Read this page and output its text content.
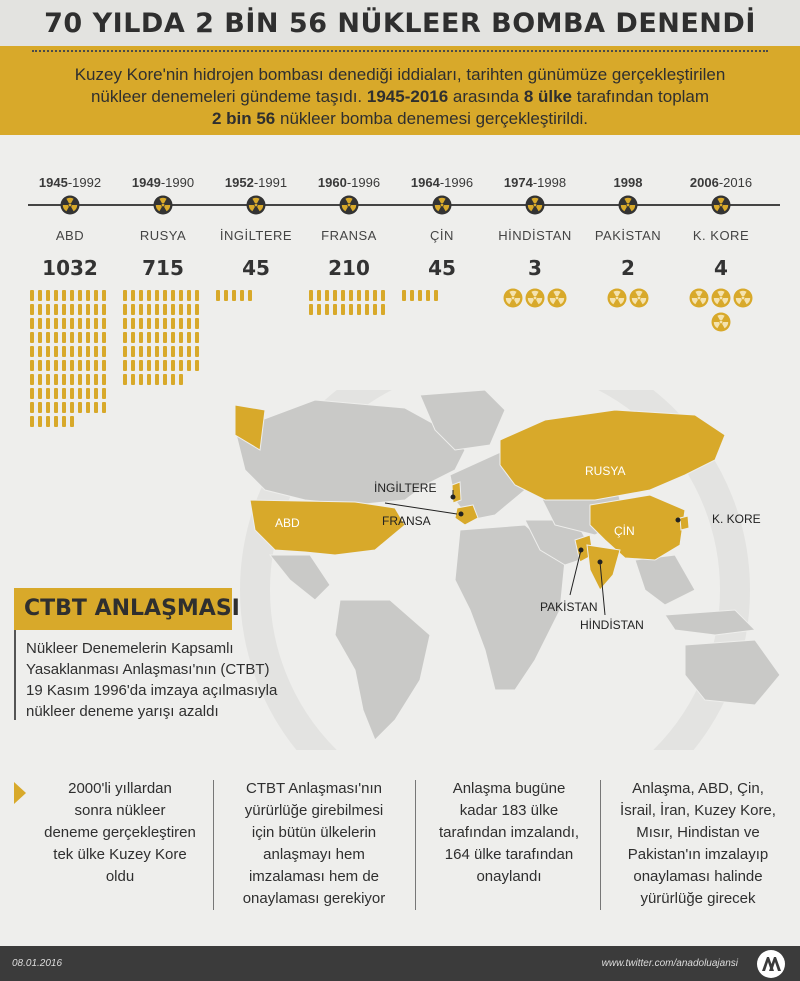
70 YILDA 2 BİN 56 NÜKLEER BOMBA DENENDİ
Kuzey Kore'nin hidrojen bombası denediği iddiaları, tarihten günümüze gerçekleştirilen
nükleer denemeleri gündeme taşıdı. 1945-2016 arasında 8 ülke tarafından toplam
2 bin 56 nükleer bomba denemesi gerçekleştirildi.
1945-1992
ABD
1032
1949-1990
RUSYA
715
1952-1991
İNGİLTERE
45
1960-1996
FRANSA
210
1964-1996
ÇİN
45
1974-1998
HİNDİSTAN
3
1998
PAKİSTAN
2
2006-2016
K. KORE
4
İNGİLTERE
FRANSA
ABD
RUSYA
ÇİN
K. KORE
PAKİSTAN
HİNDİSTAN
CTBT ANLAŞMASI
Nükleer Denemelerin Kapsamlı
Yasaklanması Anlaşması'nın (CTBT)
19 Kasım 1996'da imzaya açılmasıyla
nükleer deneme yarışı azaldı
2000'li yıllardan
sonra nükleer
deneme gerçekleştiren
tek ülke Kuzey Kore
oldu
CTBT Anlaşması'nın
yürürlüğe girebilmesi
için bütün ülkelerin
anlaşmayı hem
imzalaması hem de
onaylaması gerekiyor
Anlaşma bugüne
kadar 183 ülke
tarafından imzalandı,
164 ülke tarafından
onaylandı
Anlaşma, ABD, Çin,
İsrail, İran, Kuzey Kore,
Mısır, Hindistan ve
Pakistan'ın imzalayıp
onaylaması halinde
yürürlüğe girecek
08.01.2016	www.twitter.com/anadoluajansi
